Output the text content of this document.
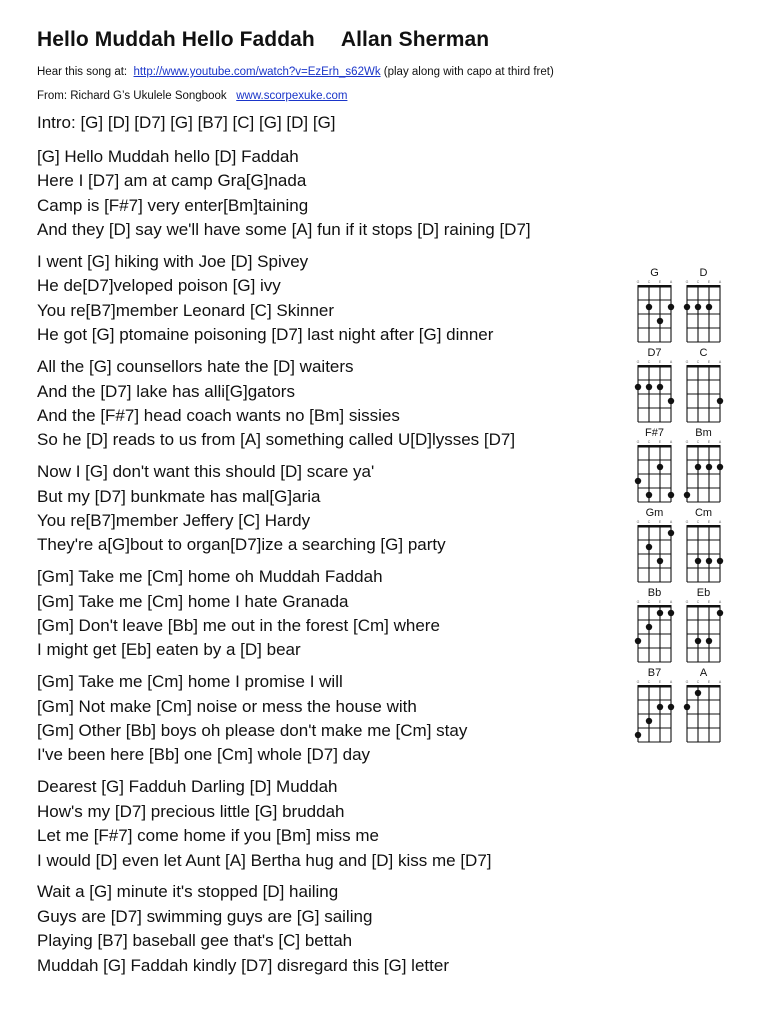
Hello Muddah Hello Faddah Allan Sherman
Hear this song at: http://www.youtube.com/watch?v=EzErh_s62Wk (play along with capo at third fret)
From: Richard G’s Ukulele Songbook www.scorpexuke.com
Intro: [G] [D] [D7] [G] [B7] [C] [G] [D] [G]
[G] Hello Muddah hello [D] Faddah
Here I [D7] am at camp Gra[G]nada
Camp is [F#7] very enter[Bm]taining
And they [D] say we'll have some [A] fun if it stops [D] raining [D7]
I went [G] hiking with Joe [D] Spivey
He de[D7]veloped poison [G] ivy
You re[B7]member Leonard [C] Skinner
He got [G] ptomaine poisoning [D7] last night after [G] dinner
All the [G] counsellors hate the [D] waiters
And the [D7] lake has alli[G]gators
And the [F#7] head coach wants no [Bm] sissies
So he [D] reads to us from [A] something called U[D]lysses [D7]
Now I [G] don't want this should [D] scare ya'
But my [D7] bunkmate has mal[G]aria
You re[B7]member Jeffery [C] Hardy
They're a[G]bout to organ[D7]ize a searching [G] party
[Gm] Take me [Cm] home oh Muddah Faddah
[Gm] Take me [Cm] home I hate Granada
[Gm] Don't leave [Bb] me out in the forest [Cm] where
I might get [Eb] eaten by a [D] bear
[Gm] Take me [Cm] home I promise I will
[Gm] Not make [Cm] noise or mess the house with
[Gm] Other [Bb] boys oh please don't make me [Cm] stay
I've been here [Bb] one [Cm] whole [D7] day
Dearest [G] Fadduh Darling [D] Muddah
How's my [D7] precious little [G] bruddah
Let me [F#7] come home if you [Bm] miss me
I would [D] even let Aunt [A] Bertha hug and [D] kiss me [D7]
Wait a [G] minute it's stopped [D] hailing
Guys are [D7] swimming guys are [G] sailing
Playing [B7] baseball gee that's [C] bettah
Muddah [G] Faddah kindly [D7] disregard this [G] letter
G
G C E A
D
G C E A
D7
G C E A
C
G C E A
F#7
G C E A
Bm
G C E A
Gm
G C E A
Cm
G C E A
Bb
G C E A
Eb
G C E A
B7
G C E A
A
G C E A
